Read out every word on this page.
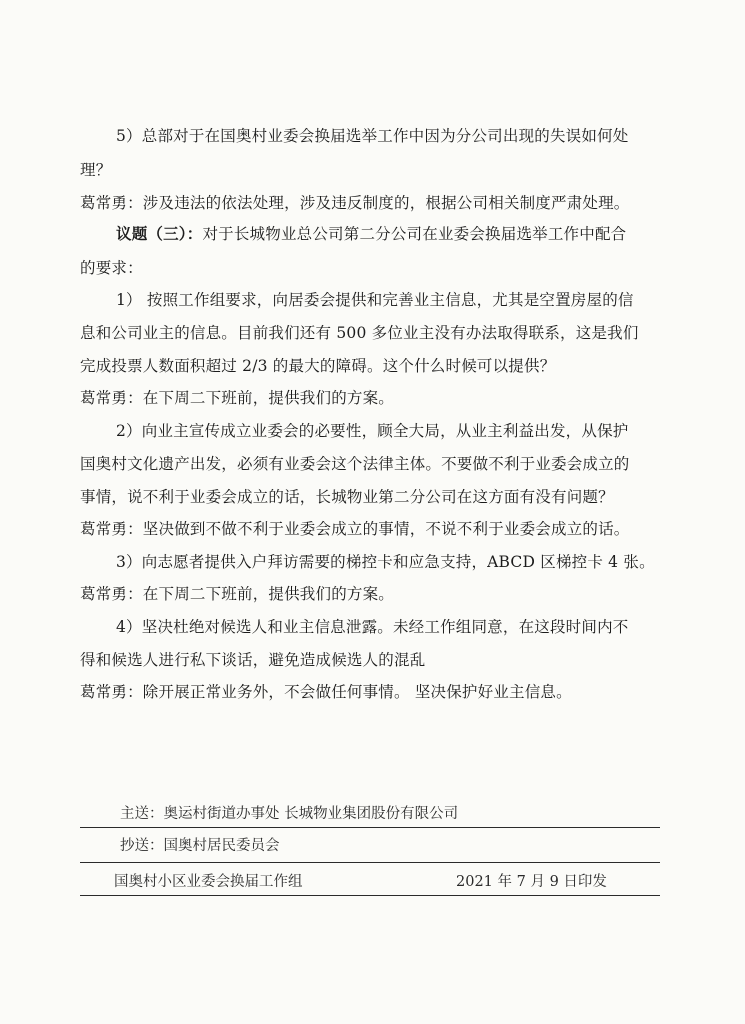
5）总部对于在国奥村业委会换届选举工作中因为分公司出现的失误如何处
理？
葛常勇：涉及违法的依法处理，涉及违反制度的，根据公司相关制度严肃处理。
议题（三）：对于长城物业总公司第二分公司在业委会换届选举工作中配合
的要求：
1） 按照工作组要求，向居委会提供和完善业主信息，尤其是空置房屋的信
息和公司业主的信息。目前我们还有 500 多位业主没有办法取得联系，这是我们
完成投票人数面积超过 2/3 的最大的障碍。这个什么时候可以提供？
葛常勇：在下周二下班前，提供我们的方案。
2）向业主宣传成立业委会的必要性，顾全大局，从业主利益出发，从保护
国奥村文化遗产出发，必须有业委会这个法律主体。不要做不利于业委会成立的
事情，说不利于业委会成立的话，长城物业第二分公司在这方面有没有问题？
葛常勇：坚决做到不做不利于业委会成立的事情，不说不利于业委会成立的话。
3）向志愿者提供入户拜访需要的梯控卡和应急支持，ABCD 区梯控卡 4 张。
葛常勇：在下周二下班前，提供我们的方案。
4）坚决杜绝对候选人和业主信息泄露。未经工作组同意，在这段时间内不
得和候选人进行私下谈话，避免造成候选人的混乱
葛常勇：除开展正常业务外，不会做任何事情。 坚决保护好业主信息。
主送：奥运村街道办事处 长城物业集团股份有限公司
抄送：国奥村居民委员会
国奥村小区业委会换届工作组	2021 年 7 月 9 日印发
